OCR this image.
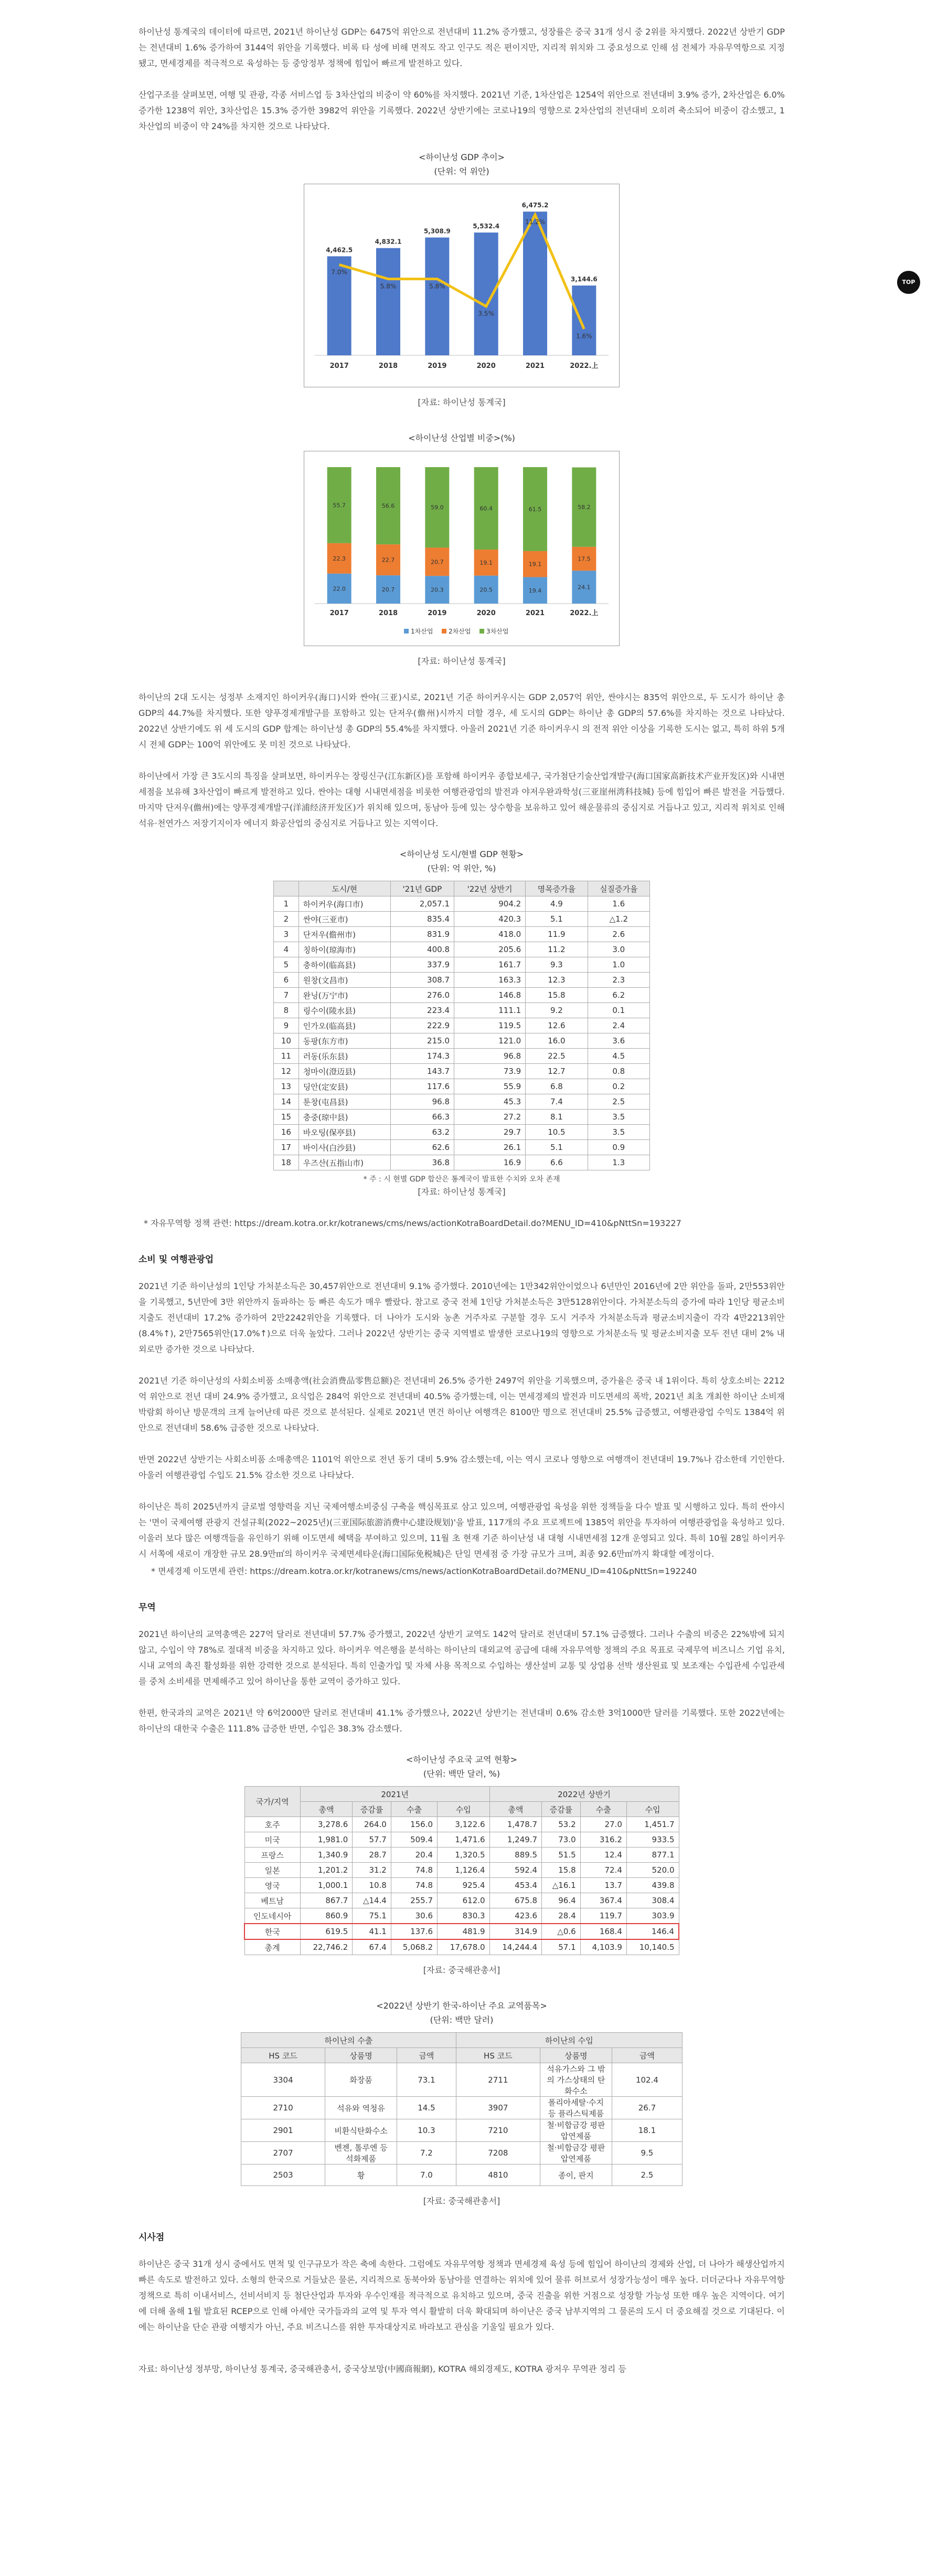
TOP

하이난성 통계국의 데이터에 따르면, 2021년 하이난성 GDP는 6475억 위안으로 전년대비 11.2% 증가했고, 성장률은 중국 31개 성시 중 2위를 차지했다. 2022년 상반기 GDP는 전년대비 1.6% 증가하여 3144억 위안을 기록했다. 비록 타 성에 비해 면적도 작고 인구도 적은 편이지만, 지리적 위치와 그 중요성으로 인해 섬 전체가 자유무역항으로 지정됐고, 면세경제를 적극적으로 육성하는 등 중앙정부 정책에 힘입어 빠르게 발전하고 있다.

산업구조를 살펴보면, 여행 및 관광, 각종 서비스업 등 3차산업의 비중이 약 60%를 차지했다. 2021년 기준, 1차산업은 1254억 위안으로 전년대비 3.9% 증가, 2차산업은 6.0% 증가한 1238억 위안, 3차산업은 15.3% 증가한 3982억 위안을 기록했다. 2022년 상반기에는 코로나19의 영향으로 2차산업의 전년대비 오히려 축소되어 비중이 감소했고, 1차산업의 비중이 약 24%를 차지한 것으로 나타났다.

<하이난성 GDP 추이>

(단위: 억 위안)

4,462.5
2017
4,832.1
2018
5,308.9
2019
5,532.4
2020
6,475.2
2021
3,144.6
2022.上
7.0%
5.8%	5.8%
3.5%
11.2%
1.6%

[자료: 하이난성 통계국]

<하이난성 산업별 비중>(%)

22.0
22.3
55.7
2017
20.7
22.7
56.6
2018
20.3
20.7
59.0
2019
20.5
19.1
60.4
2020
19.4
19.1
61.5
2021
24.1
17.5
58.2
2022.上
1차산업 2차산업 3차산업

[자료: 하이난성 통계국]

하이난의 2대 도시는 성정부 소재지인 하이커우(海口)시와 싼야(三亚)시로, 2021년 기준 하이커우시는 GDP 2,057억 위안, 싼야시는 835억 위안으로, 두 도시가 하이난 총 GDP의 44.7%를 차지했다. 또한 양푸경제개발구를 포함하고 있는 단저우(儋州)시까지 더할 경우, 세 도시의 GDP는 하이난 총 GDP의 57.6%를 차지하는 것으로 나타났다. 2022년 상반기에도 위 세 도시의 GDP 합계는 하이난성 총 GDP의 55.4%를 차지했다. 아울러 2021년 기준 하이커우시 의 전적 위안 이상을 기록한 도시는 없고, 특히 하위 5개 시 전체 GDP는 100억 위안에도 못 미친 것으로 나타났다.

하이난에서 가장 큰 3도시의 특징을 살펴보면, 하이커우는 장링신구(江东新区)를 포함해 하이커우 종합보세구, 국가첨단기술산업개발구(海口国家高新技术产业开发区)와 시내면세점을 보유해 3차산업이 빠르게 발전하고 있다. 싼야는 대형 시내면세점을 비롯한 여행관광업의 발전과 야저우완과학성(三亚崖州湾科技城) 등에 힘입어 빠른 발전을 거듭했다. 마지막 단저우(儋州)에는 양푸경제개발구(洋浦经济开发区)가 위치해 있으며, 동남아 등에 있는 상수항을 보유하고 있어 해운물류의 중심지로 거듭나고 있고, 지리적 위치로 인해 석유·천연가스 저장기지이자 에너지 화공산업의 중심지로 거듭나고 있는 지역이다.

<하이난성 도시/현별 GDP 현황>

(단위: 억 위안, %)

	도시/현	'21년 GDP	'22년 상반기	명목증가율	실질증가율
1	하이커우(海口市)	2,057.1	904.2	4.9	1.6
2	싼야(三亚市)	835.4	420.3	5.1	△1.2
3	단저우(儋州市)	831.9	418.0	11.9	2.6
4	칭하이(琼海市)	400.8	205.6	11.2	3.0
5	충하이(临高县)	337.9	161.7	9.3	1.0
6	원창(文昌市)	308.7	163.3	12.3	2.3
7	완닝(万宁市)	276.0	146.8	15.8	6.2
8	링수이(陵水县)	223.4	111.1	9.2	0.1
9	인가오(临高县)	222.9	119.5	12.6	2.4
10	동팡(东方市)	215.0	121.0	16.0	3.6
11	러동(乐东县)	174.3	96.8	22.5	4.5
12	청마이(澄迈县)	143.7	73.9	12.7	0.8
13	딩안(定安县)	117.6	55.9	6.8	0.2
14	툰창(屯昌县)	96.8	45.3	7.4	2.5
15	충중(琼中县)	66.3	27.2	8.1	3.5
16	바오팅(保亭县)	63.2	29.7	10.5	3.5
17	바이사(白沙县)	62.6	26.1	5.1	0.9
18	우즈산(五指山市)	36.8	16.9	6.6	1.3

* 주 : 시 현별 GDP 합산은 통계국이 발표한 수치와 오차 존재

[자료: 하이난성 통계국]

* 자유무역항 정책 관련: https://dream.kotra.or.kr/kotranews/cms/news/actionKotraBoardDetail.do?MENU_ID=410&pNttSn=193227

소비 및 여행관광업

2021년 기준 하이난성의 1인당 가처분소득은 30,457위안으로 전년대비 9.1% 증가했다. 2010년에는 1만342위안이었으나 6년만인 2016년에 2만 위안을 돌파, 2만553위안을 기록했고, 5년만에 3만 위안까지 돌파하는 등 빠른 속도가 매우 빨랐다. 참고로 중국 전체 1인당 가처분소득은 3만5128위안이다. 가처분소득의 증가에 따라 1인당 평균소비지출도 전년대비 17.2% 증가하여 2만2242위안을 기록했다. 더 나아가 도시와 농촌 거주자로 구분할 경우 도시 거주자 가처분소득과 평균소비지출이 각각 4만2213위안(8.4%↑), 2만7565위안(17.0%↑)으로 더욱 높았다. 그러나 2022년 상반기는 중국 지역별로 발생한 코로나19의 영향으로 가처분소득 및 평균소비지출 모두 전년 대비 2% 내외로만 증가한 것으로 나타났다.

2021년 기준 하이난성의 사회소비품 소매총액(社会消费品零售总额)은 전년대비 26.5% 증가한 2497억 위안을 기록했으며, 증가율은 중국 내 1위이다. 특히 상호소비는 2212억 위안으로 전년 대비 24.9% 증가했고, 요식업은 284억 위안으로 전년대비 40.5% 증가했는데, 이는 면세경제의 발전과 미도면세의 폭박, 2021년 최초 개최한 하이난 소비재박람회 하이난 방문객의 크게 늘어난데 따른 것으로 분석된다. 실제로 2021년 면건 하이난 여행객은 8100만 명으로 전년대비 25.5% 급증했고, 여행관광업 수익도 1384억 위안으로 전년대비 58.6% 급증한 것으로 나타났다.

반면 2022년 상반기는 사회소비품 소매총액은 1101억 위안으로 전년 동기 대비 5.9% 감소했는데, 이는 역시 코로나 영향으로 여행객이 전년대비 19.7%나 감소한데 기인한다. 아울러 여행관광업 수입도 21.5% 감소한 것으로 나타났다.

하이난은 특히 2025년까지 글로벌 영향력을 지닌 국제여행소비중심 구축을 핵심목표로 삼고 있으며, 여행관광업 육성을 위한 정책들을 다수 발표 및 시행하고 있다. 특히 싼야시는 '면이 국제여행 관광지 건설규획(2022~2025년)(三亚国际旅游消费中心建设规划)'을 발표, 117개의 주요 프로젝트에 1385억 위안을 투자하여 여행관광업을 육성하고 있다. 이울러 보다 많은 여행객들을 유인하기 위해 이도면세 혜택을 부여하고 있으며, 11월 초 현재 기준 하이난성 내 대형 시내면세점 12개 운영되고 있다. 특히 10월 28일 하이커우시 서쪽에 새로이 개장한 규모 28.9만㎡의 하이커우 국제면세타운(海口国际免税城)은 단일 면세점 중 가장 규모가 크며, 최종 92.6만㎡까지 확대할 예정이다.

* 면세경제 이도면세 관련: https://dream.kotra.or.kr/kotranews/cms/news/actionKotraBoardDetail.do?MENU_ID=410&pNttSn=192240

무역

2021년 하이난의 교역총액은 227억 달러로 전년대비 57.7% 증가했고, 2022년 상반기 교역도 142억 달러로 전년대비 57.1% 급증했다. 그러나 수출의 비중은 22%밖에 되지 않고, 수입이 약 78%로 절대적 비중을 차지하고 있다. 하이커우 역은행을 분석하는 하이난의 대외교역 공급에 대해 자유무역항 정책의 주요 목표로 국제무역 비즈니스 기업 유치, 시내 교역의 촉진 활성화를 위한 강력한 것으로 분석된다. 특히 인출가입 및 자체 사용 목적으로 수입하는 생산설비 교통 및 상업용 선박 생산원료 및 보조재는 수입관세 수입관세를 중처 소비세를 면제해주고 있어 하이난을 통한 교역이 증가하고 있다.

한편, 한국과의 교역은 2021년 약 6억2000만 달러로 전년대비 41.1% 증가했으나, 2022년 상반기는 전년대비 0.6% 감소한 3억1000만 달러를 기록했다. 또한 2022년에는 하이난의 대한국 수출은 111.8% 급증한 반면, 수입은 38.3% 감소했다.

<하이난성 주요국 교역 현황>

(단위: 백만 달러, %)

국가/지역	2021년				2022년 상반기			
	총액	증감률	수출	수입	총액	증감률	수출	수입
호주	3,278.6	264.0	156.0	3,122.6	1,478.7	53.2	27.0	1,451.7
미국	1,981.0	57.7	509.4	1,471.6	1,249.7	73.0	316.2	933.5
프랑스	1,340.9	28.7	20.4	1,320.5	889.5	51.5	12.4	877.1
일본	1,201.2	31.2	74.8	1,126.4	592.4	15.8	72.4	520.0
영국	1,000.1	10.8	74.8	925.4	453.4	△16.1	13.7	439.8
베트남	867.7	△14.4	255.7	612.0	675.8	96.4	367.4	308.4
인도네시아	860.9	75.1	30.6	830.3	423.6	28.4	119.7	303.9
한국	619.5	41.1	137.6	481.9	314.9	△0.6	168.4	146.4
총계	22,746.2	67.4	5,068.2	17,678.0	14,244.4	57.1	4,103.9	10,140.5

[자료: 중국해관총서]

<2022년 상반기 한국-하이난 주요 교역품목>

(단위: 백만 달러)

하이난의 수출			하이난의 수입		
HS 코드	상품명	금액	HS 코드	상품명	금액
3304	화장품	73.1	2711	석유가스와 그 밖의 가스상태의 탄화수소	102.4
2710	석유와 역청유	14.5	3907	폴리아세탈·수지 등 플라스틱제품	26.7
2901	비환식탄화수소	10.3	7210	철·비합금강 평판압연제품	18.1
2707	벤젠, 톨루엔 등 석화제품	7.2	7208	철·비합금강 평판압연제품	9.5
2503	황	7.0	4810	종이, 판지	2.5

[자료: 중국해관총서]

시사점

하이난은 중국 31개 성시 중에서도 면적 및 인구규모가 작은 축에 속한다. 그럼에도 자유무역항 정책과 면세경제 육성 등에 힘입어 하이난의 경제와 산업, 더 나아가 해생산업까지 빠른 속도로 발전하고 있다. 소형의 한국으로 거들났은 물론, 지리적으로 동북아와 동남아를 연결하는 위치에 있어 물류 허브로서 성장가능성이 매우 높다. 더더군다나 자유무역항 정책으로 특히 이내서비스, 선비서비지 등 첨단산업과 투자와 우수인재를 적극적으로 유치하고 있으며, 중국 진출을 위한 거점으로 성장할 가능성 또한 매우 높은 지역이다. 여기에 더해 올해 1월 발효된 RCEP으로 인해 아세안 국가들과의 교역 및 투자 역시 활발히 더욱 확대되며 하이난은 중국 남부지역의 그 물론의 도시 더 중요해질 것으로 기대된다. 이에는 하이난을 단순 관광 여행지가 아닌, 주요 비즈니스를 위한 투자대상지로 바라보고 관심을 기울일 필요가 있다.

자료: 하이난성 정부망, 하이난성 통계국, 중국해관총서, 중국상보망(中國商報網), KOTRA 해외경제도, KOTRA 광저우 무역관 정리 등
